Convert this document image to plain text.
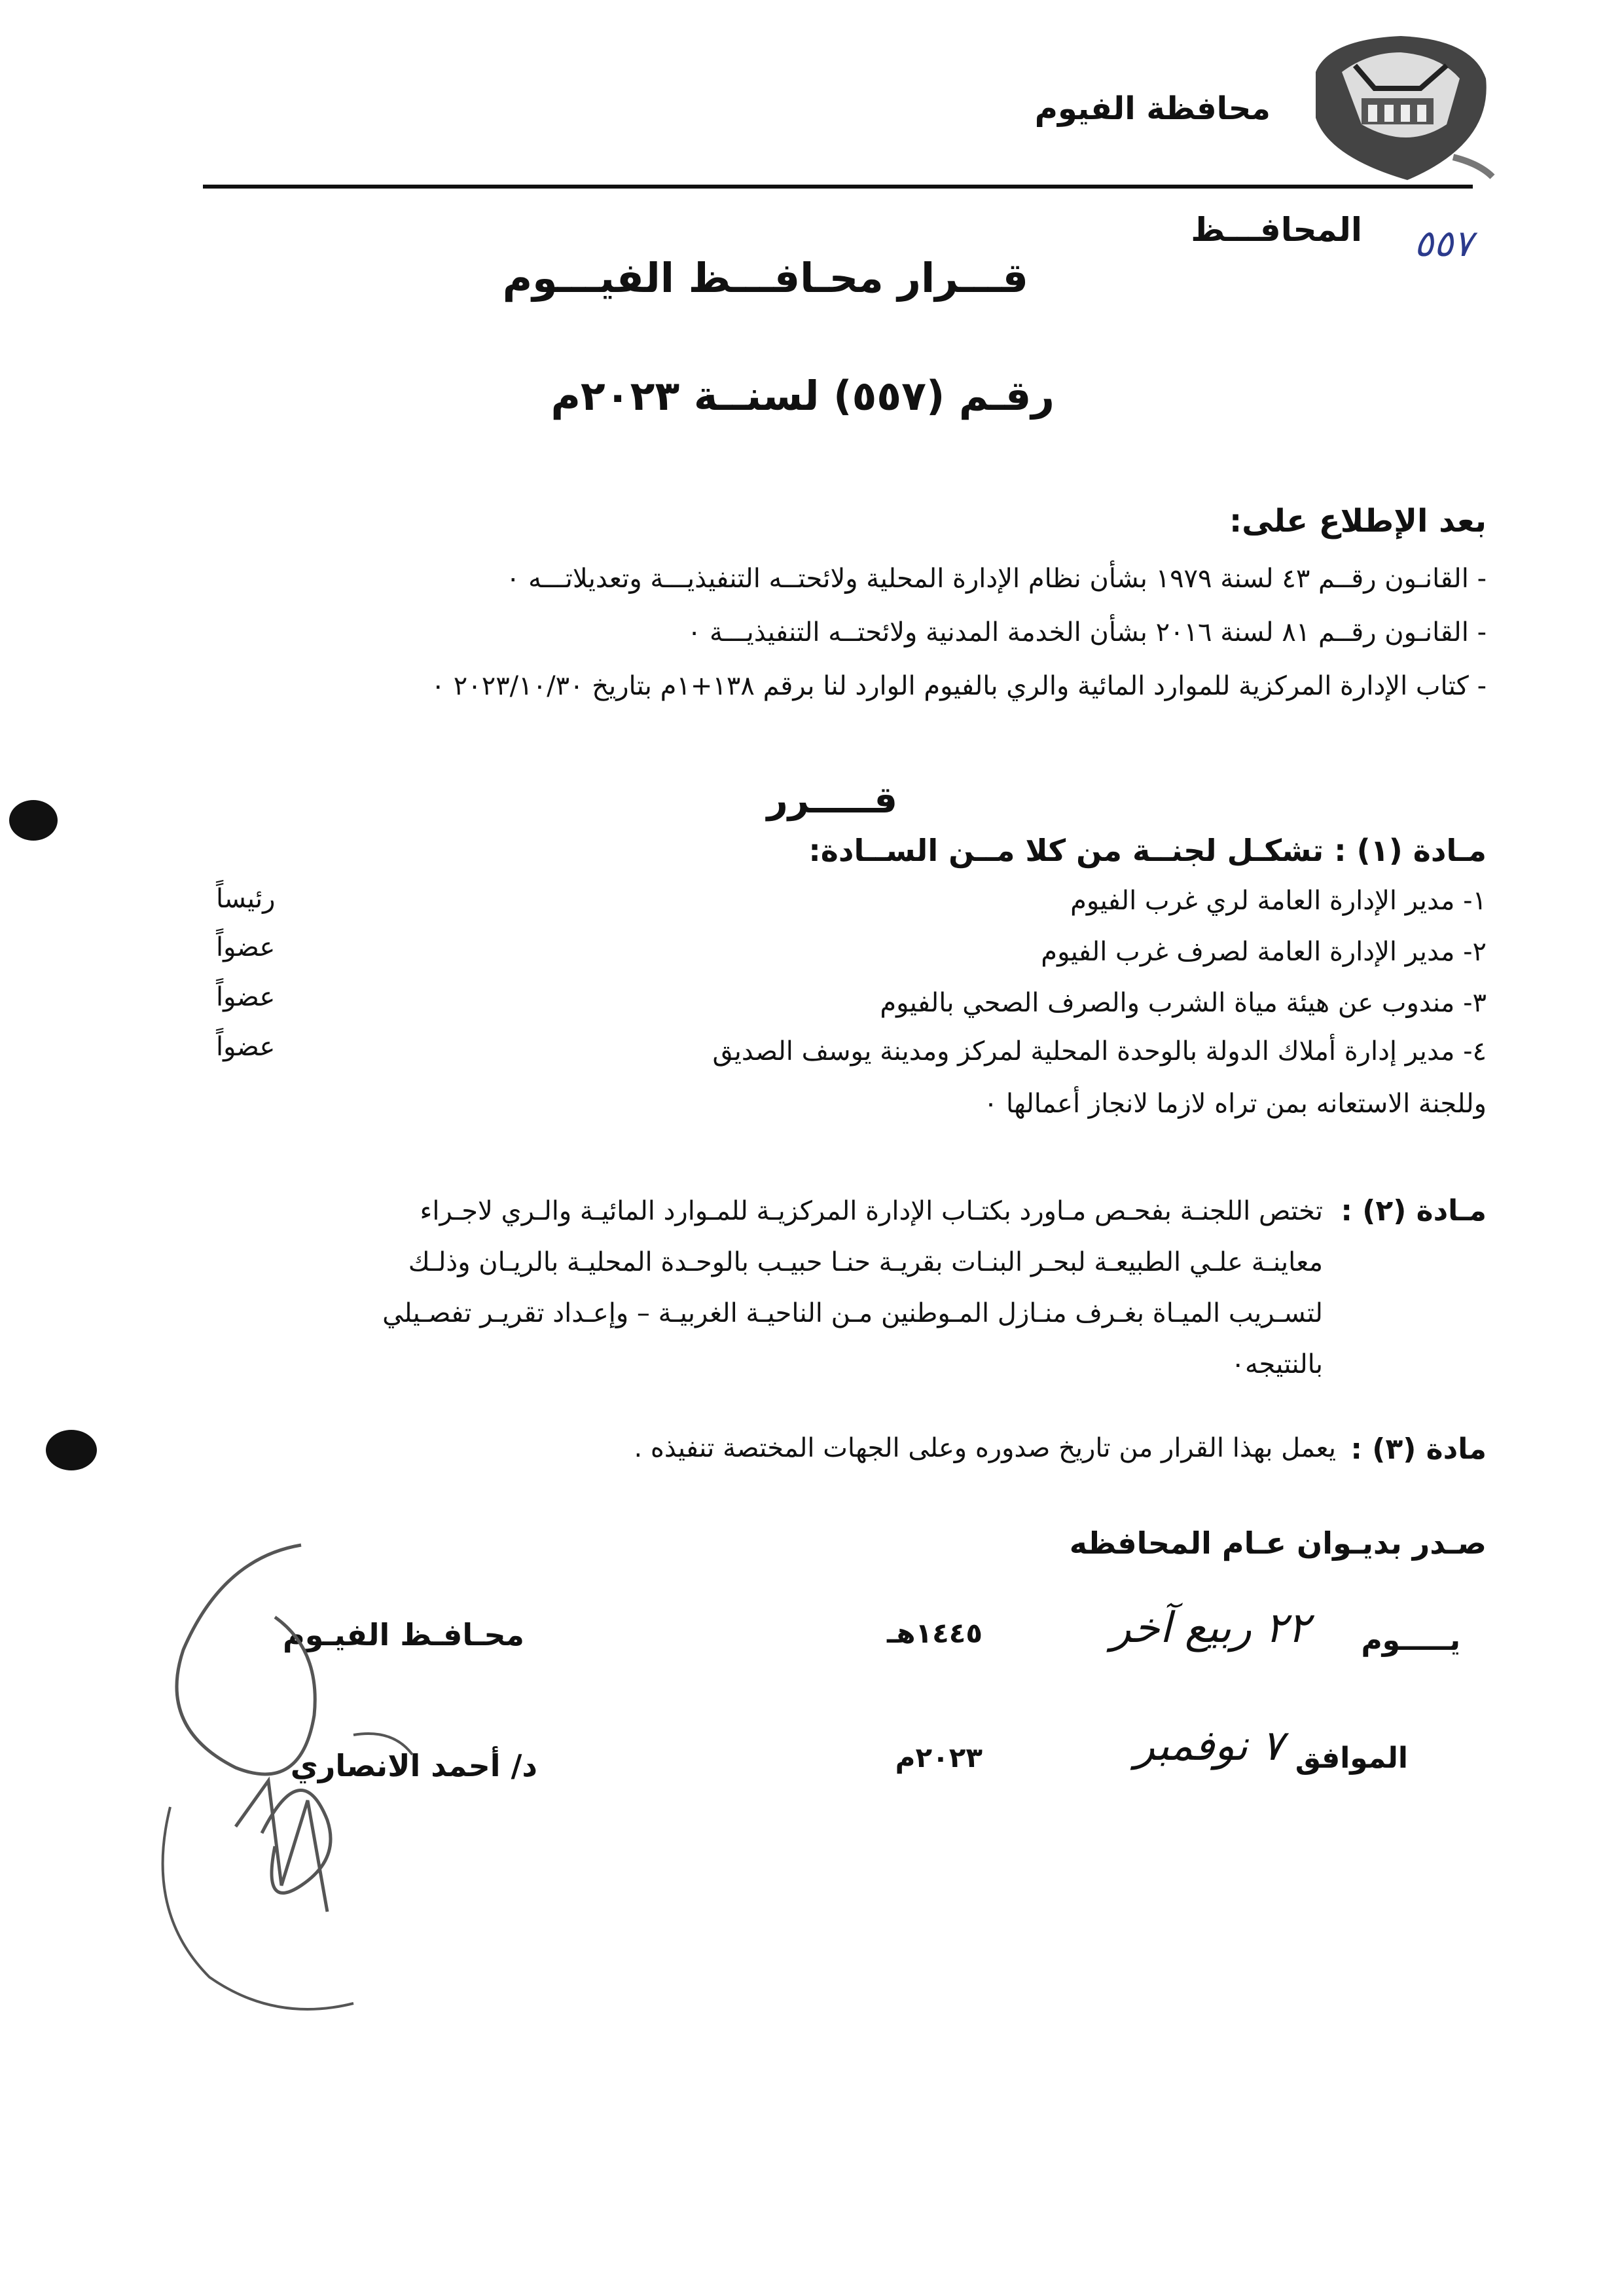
محافظة الفيوم
المحافـــظ ٥٥٧
قـــرار محـافـــظ الفيـــوم
رقـم (٥٥٧) لسنــة ٢٠٢٣م
بعد الإطلاع على:
- القانـون رقــم ٤٣ لسنة ١٩٧٩ بشأن نظام الإدارة المحلية ولائحتــه التنفيذيـــة وتعديلاتـــه ٠
- القانـون رقــم ٨١ لسنة ٢٠١٦ بشأن الخدمة المدنية ولائحتــه التنفيذيـــة ٠
- كتاب الإدارة المركزية للموارد المائية والري بالفيوم الوارد لنا برقم ١٣٨+١م بتاريخ ٢٠٢٣/١٠/٣٠ ٠
قـــــرر
مـادة (١) : تشكـل لجنــة من كلا مــن الســادة:
١- مدير الإدارة العامة لري غرب الفيوم
رئيساً
٢- مدير الإدارة العامة لصرف غرب الفيوم
عضواً
٣- مندوب عن هيئة مياة الشرب والصرف الصحي بالفيوم
عضواً
٤- مدير إدارة أملاك الدولة بالوحدة المحلية لمركز ومدينة يوسف الصديق
عضواً
وللجنة الاستعانه بمن تراه لازما لانجاز أعمالها ٠
مـادة (٢) :
تختص اللجنـة بفحـص مـاورد بكتـاب الإدارة المركزيـة للمـوارد المائيـة والـري لاجـراء
معاينـة علـي الطبيعـة لبحـر البنـات بقريـة حنـا حبيـب بالوحـدة المحليـة بالريـان وذلـك
لتسـريب الميـاة بغـرف منـازل المـوطنين مـن الناحيـة الغربيـة – وإعـداد تقريـر تفصـيلي
بالنتيجه٠
مادة (٣) :
يعمل بهذا القرار من تاريخ صدوره وعلى الجهات المختصة تنفيذه .
صـدر بديـوان عـام المحافظه
يـــــوم
٢٢ ربيع آخر
١٤٤٥هـ
الموافق
٧ نوفمبر
٢٠٢٣م
محـافـظ الفيـوم
د/ أحمد الانصاري
